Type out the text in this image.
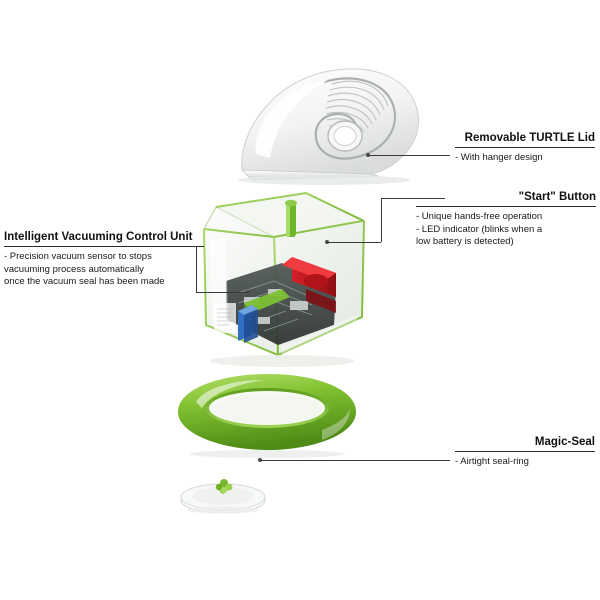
Removable TURTLE Lid
- With hanger design
"Start" Button
- Unique hands-free operation
- LED indicator (blinks when a
low battery is detected)
Intelligent Vacuuming Control Unit
- Precision vacuum sensor to stops
vacuuming process automatically
once the vacuum seal has been made
Magic-Seal
- Airtight seal-ring
